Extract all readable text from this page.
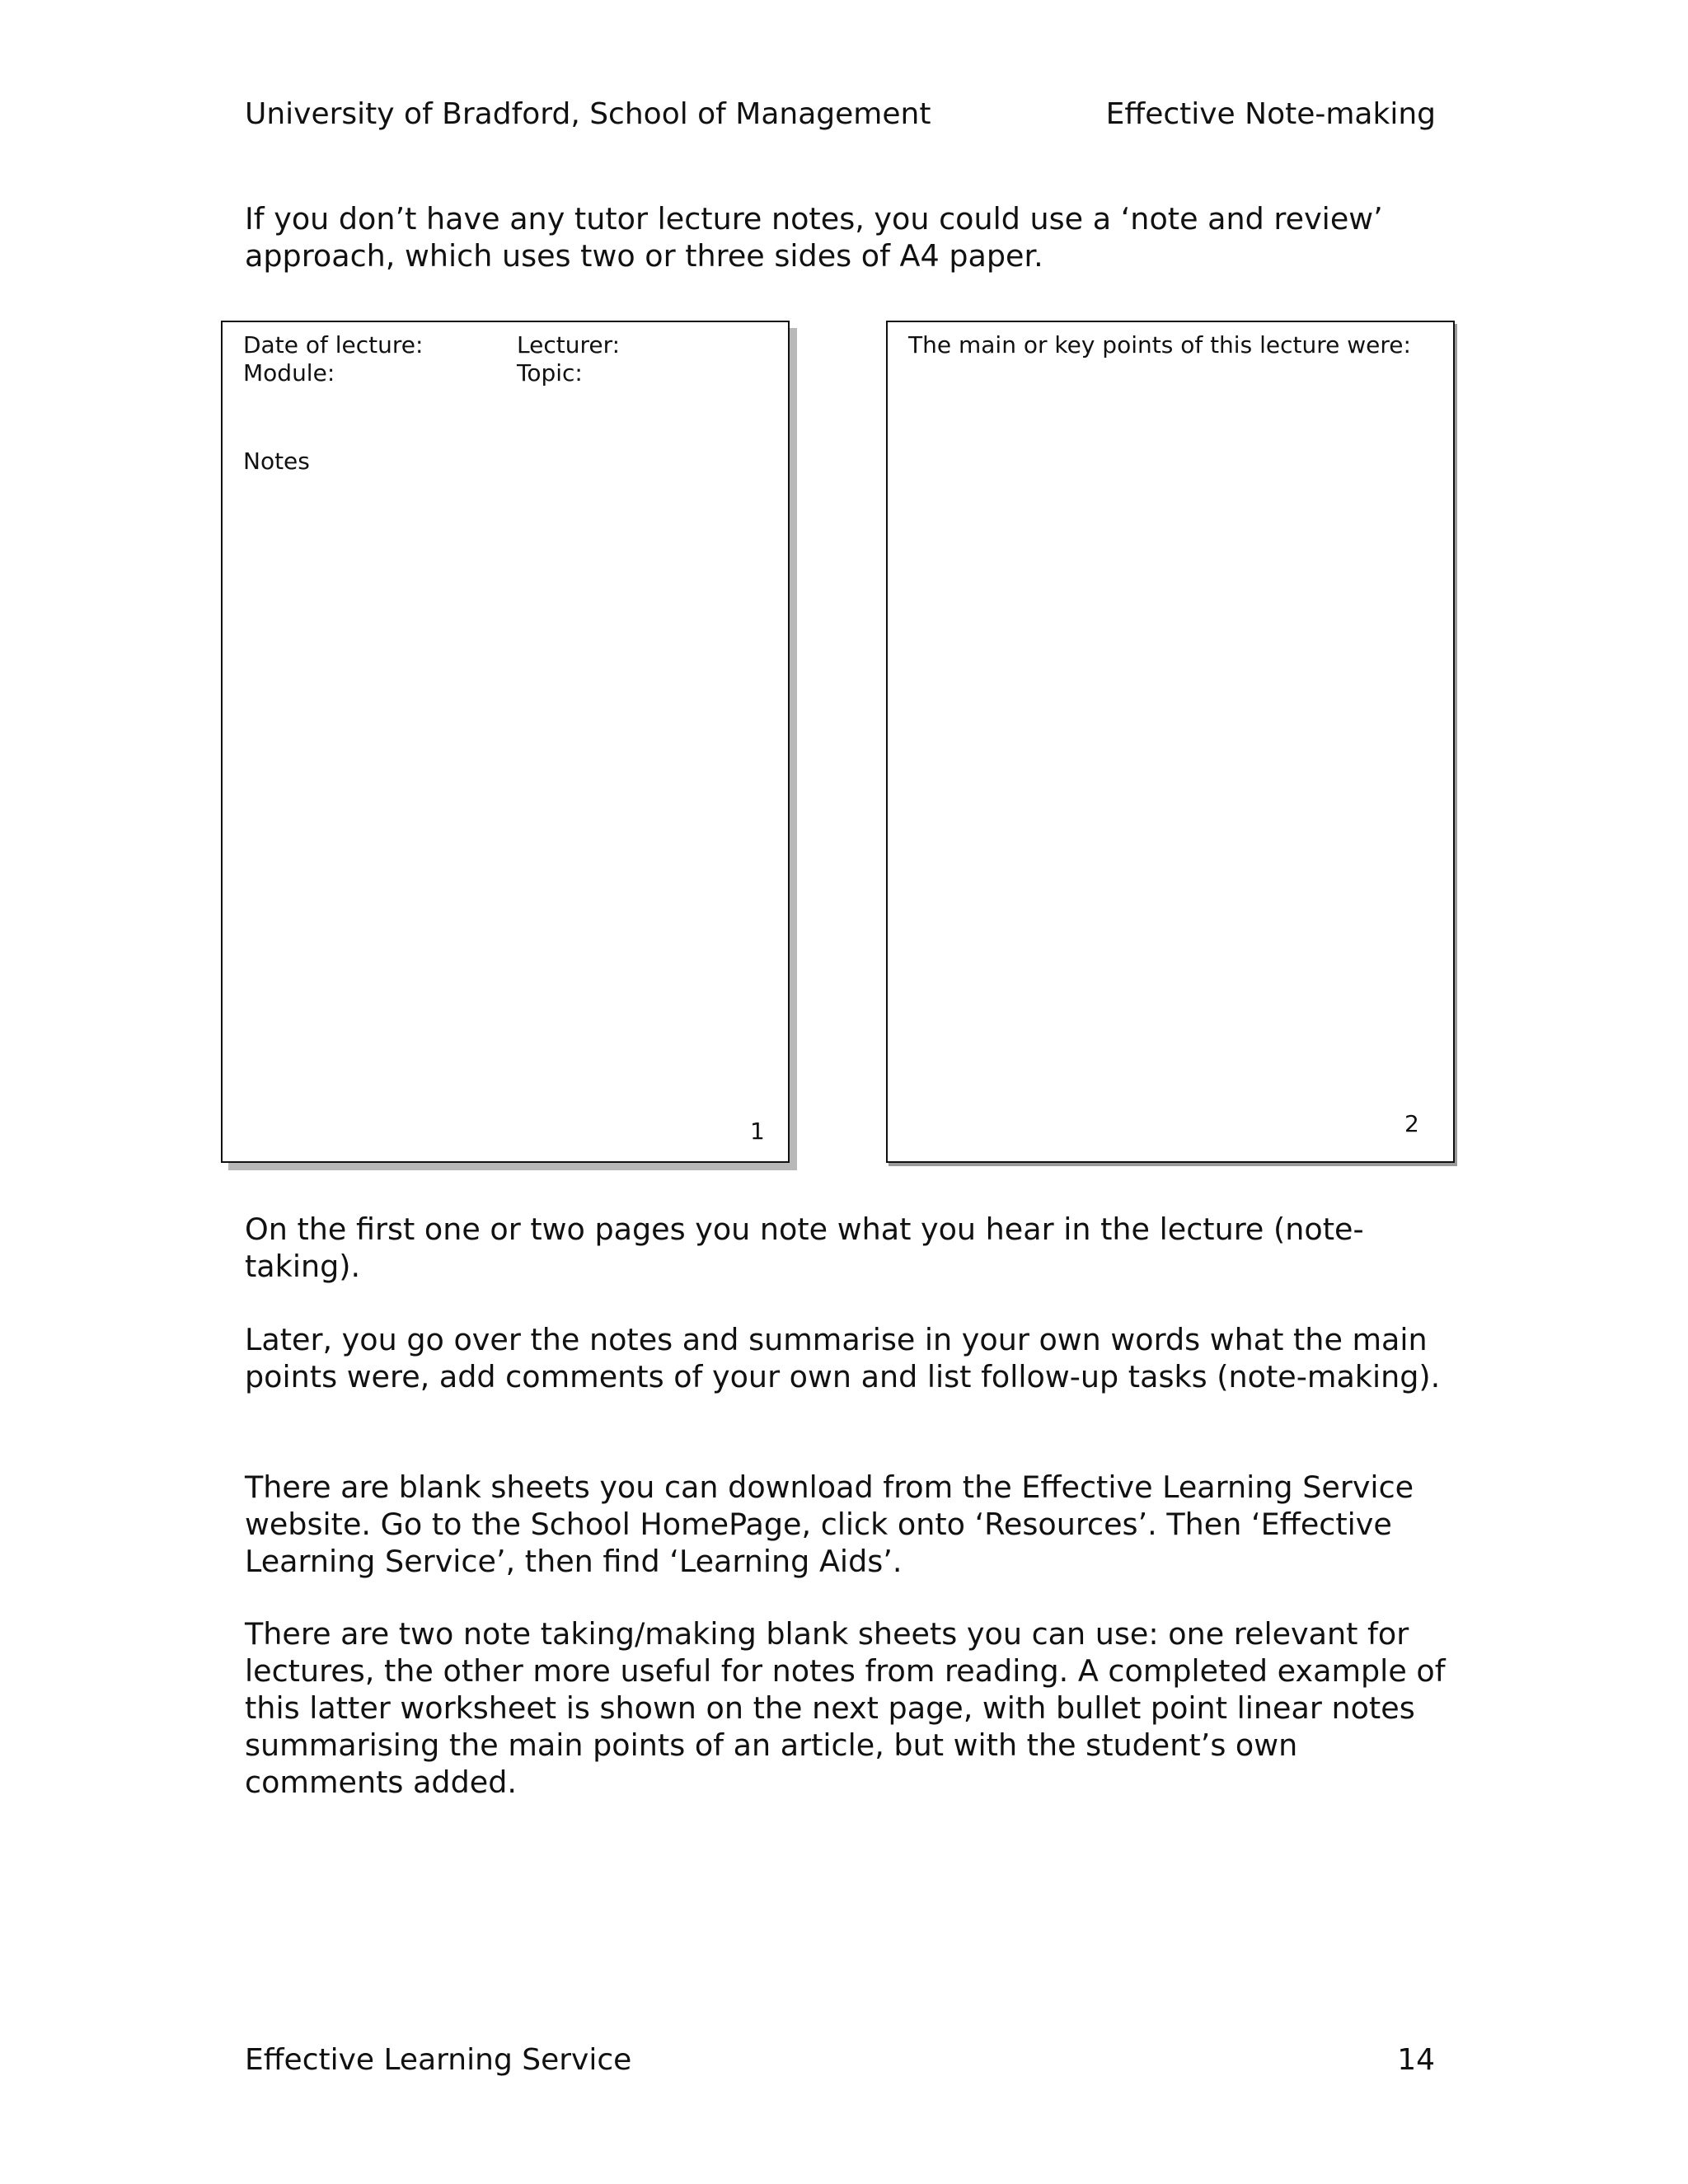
University of Bradford, School of Management	Effective Note-making

If you don’t have any tutor lecture notes, you could use a ‘note and review’ approach, which uses two or three sides of A4 paper.

Date of lecture:	Lecturer:
Module:	Topic:
Notes
1
The main or key points of this lecture were:
2

On the first one or two pages you note what you hear in the lecture (note-taking).

Later, you go over the notes and summarise in your own words what the main points were, add comments of your own and list follow-up tasks (note-making).

There are blank sheets you can download from the Effective Learning Service website. Go to the School HomePage, click onto ‘Resources’. Then ‘Effective Learning Service’, then find ‘Learning Aids’.

There are two note taking/making blank sheets you can use: one relevant for lectures, the other more useful for notes from reading. A completed example of this latter worksheet is shown on the next page, with bullet point linear notes summarising the main points of an article, but with the student’s own comments added.

Effective Learning Service	14
